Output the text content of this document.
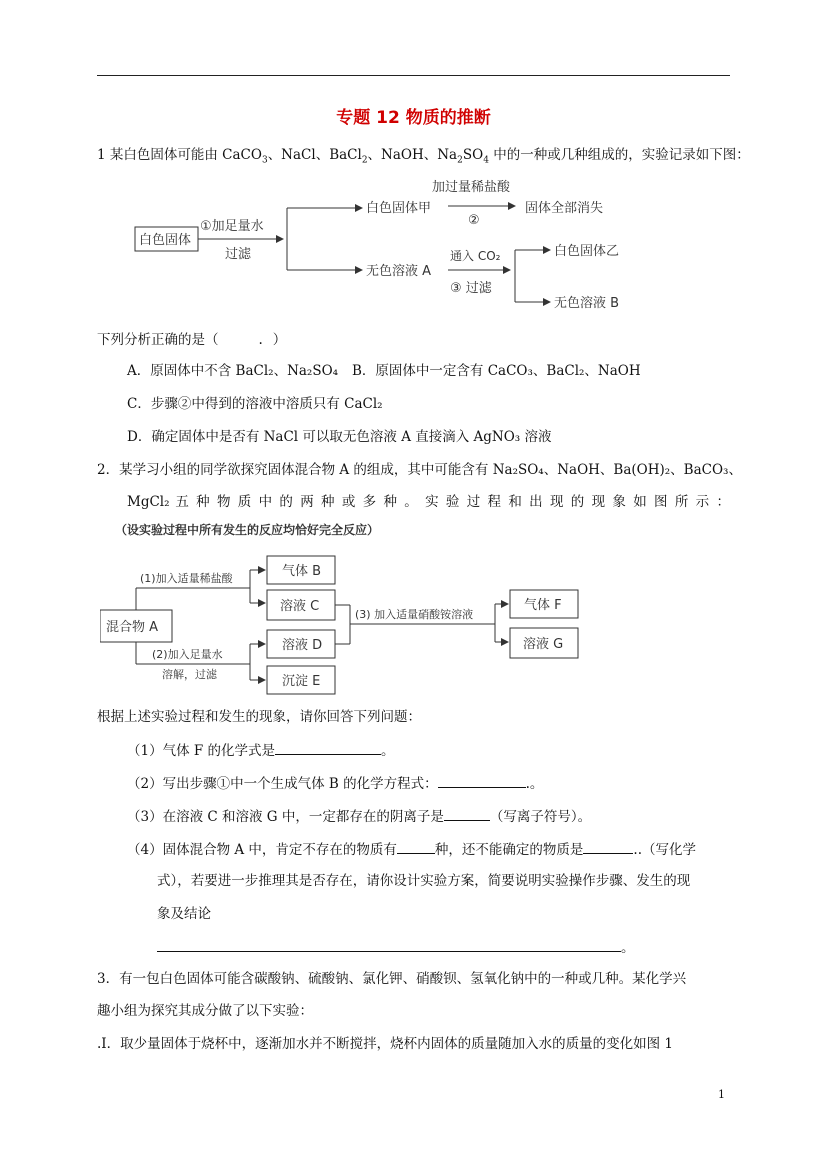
专题 12 物质的推断
1 某白色固体可能由 CaCO$_3$、NaCl、BaCl$_2$、NaOH、$Na_2SO_4$ 中的一种或几种组成的，实验记录如下图：
白色固体
①加足量水
过滤
白色固体甲
加过量稀盐酸
②
固体全部消失
无色溶液 A
通入 CO₂
③ 过滤
白色固体乙
无色溶液 B
下列分析正确的是（	. ）
A．原固体中不含 BaCl₂、Na₂SO₄ B．原固体中一定含有 CaCO₃、BaCl₂、NaOH
C．步骤②中得到的溶液中溶质只有 CaCl₂
D．确定固体中是否有 NaCl 可以取无色溶液 A 直接滴入 AgNO₃ 溶液
2．某学习小组的同学欲探究固体混合物 A 的组成，其中可能含有 Na₂SO₄、NaOH、Ba(OH)₂、BaCO₃、
MgCl₂ 五 种 物 质 中 的 两 种 或 多 种 。 实 验 过 程 和 出 现 的 现 象 如 图 所 示 ：
（设实验过程中所有发生的反应均恰好完全反应）
混合物 A
(1)加入适量稀盐酸	气体 B
溶液 C
(2)加入足量水
溶解，过滤
溶液 D
沉淀 E
(3) 加入适量硝酸铵溶液
气体 F
溶液 G
根据上述实验过程和发生的现象，请你回答下列问题：
（1）气体 F 的化学式是	。
（2）写出步骤①中一个生成气体 B 的化学方程式：	.。
（3）在溶液 C 和溶液 G 中，一定都存在的阴离子是	（写离子符号）。
（4）固体混合物 A 中，肯定不存在的物质有	种，还不能确定的物质是	..（写化学
式），若要进一步推理其是否存在，请你设计实验方案，简要说明实验操作步骤、发生的现
象及结论
。
3．有一包白色固体可能含碳酸钠、硫酸钠、氯化钾、硝酸钡、氢氧化钠中的一种或几种。某化学兴
趣小组为探究其成分做了以下实验：
.Ⅰ．取少量固体于烧杯中，逐渐加水并不断搅拌，烧杯内固体的质量随加入水的质量的变化如图 1
1
